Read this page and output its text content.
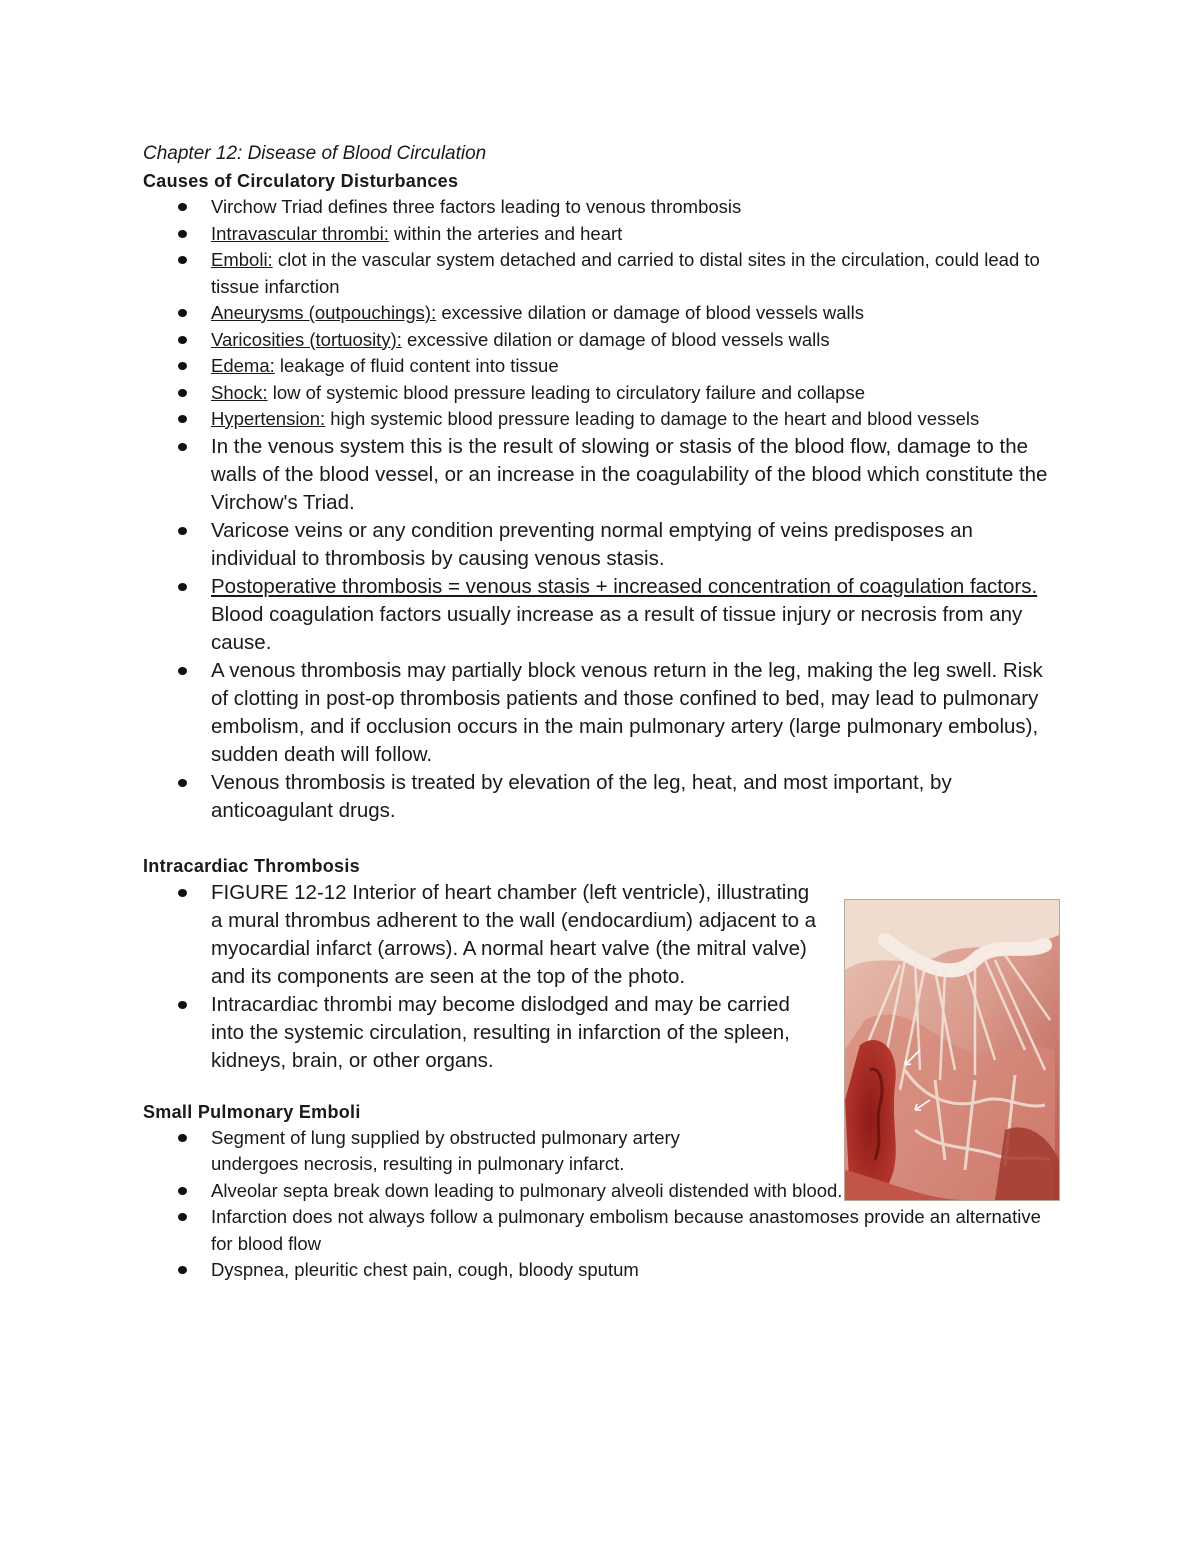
Chapter 12: Disease of Blood Circulation

Causes of Circulatory Disturbances

Virchow Triad defines three factors leading to venous thrombosis
Intravascular thrombi: within the arteries and heart
Emboli: clot in the vascular system detached and carried to distal sites in the circulation, could lead to tissue infarction
Aneurysms (outpouchings): excessive dilation or damage of blood vessels walls
Varicosities (tortuosity): excessive dilation or damage of blood vessels walls
Edema: leakage of fluid content into tissue
Shock: low of systemic blood pressure leading to circulatory failure and collapse
Hypertension: high systemic blood pressure leading to damage to the heart and blood vessels
In the venous system this is the result of slowing or stasis of the blood flow, damage to the walls of the blood vessel, or an increase in the coagulability of the blood which constitute the Virchow's Triad.
Varicose veins or any condition preventing normal emptying of veins predisposes an individual to thrombosis by causing venous stasis.
Postoperative thrombosis = venous stasis + increased concentration of coagulation factors. Blood coagulation factors usually increase as a result of tissue injury or necrosis from any cause.
A venous thrombosis may partially block venous return in the leg, making the leg swell. Risk of clotting in post-op thrombosis patients and those confined to bed, may lead to pulmonary embolism, and if occlusion occurs in the main pulmonary artery (large pulmonary embolus), sudden death will follow.
Venous thrombosis is treated by elevation of the leg, heat, and most important, by anticoagulant drugs.

Intracardiac Thrombosis

FIGURE 12-12 Interior of heart chamber (left ventricle), illustrating a mural thrombus adherent to the wall (endocardium) adjacent to a myocardial infarct (arrows). A normal heart valve (the mitral valve) and its components are seen at the top of the photo.
Intracardiac thrombi may become dislodged and may be carried into the systemic circulation, resulting in infarction of the spleen, kidneys, brain, or other organs.

Small Pulmonary Emboli

Segment of lung supplied by obstructed pulmonary artery undergoes necrosis, resulting in pulmonary infarct.
Alveolar septa break down leading to pulmonary alveoli distended with blood.
Infarction does not always follow a pulmonary embolism because anastomoses provide an alternative for blood flow
Dyspnea, pleuritic chest pain, cough, bloody sputum
